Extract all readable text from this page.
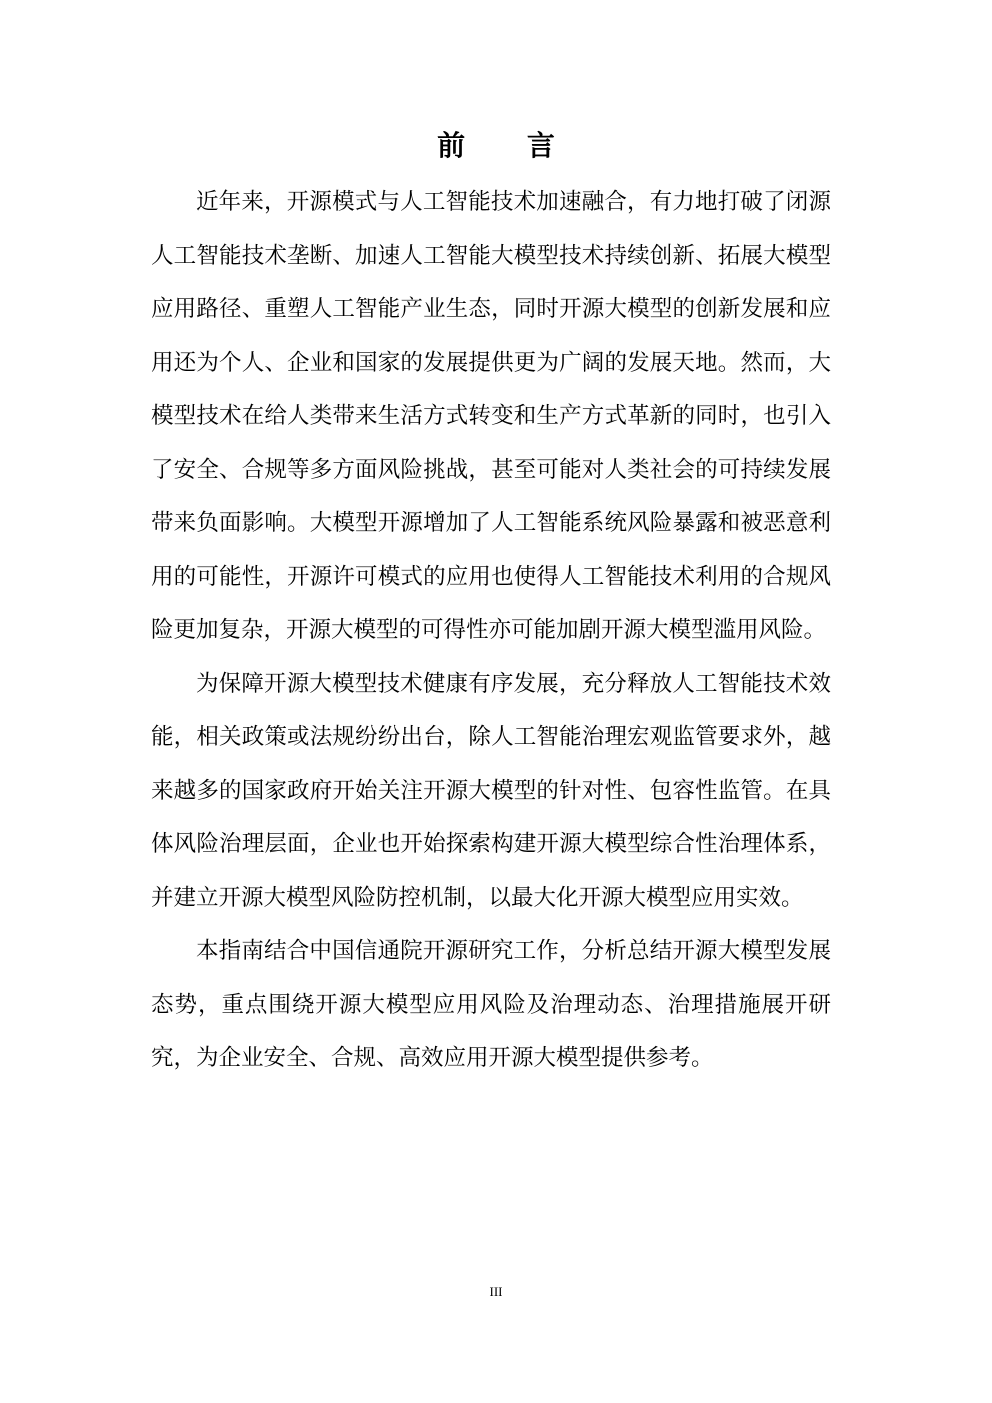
前 言

近年来，开源模式与人工智能技术加速融合，有力地打破了闭源人工智能技术垄断、加速人工智能大模型技术持续创新、拓展大模型应用路径、重塑人工智能产业生态，同时开源大模型的创新发展和应用还为个人、企业和国家的发展提供更为广阔的发展天地。然而，大模型技术在给人类带来生活方式转变和生产方式革新的同时，也引入了安全、合规等多方面风险挑战，甚至可能对人类社会的可持续发展带来负面影响。大模型开源增加了人工智能系统风险暴露和被恶意利用的可能性，开源许可模式的应用也使得人工智能技术利用的合规风险更加复杂，开源大模型的可得性亦可能加剧开源大模型滥用风险。

为保障开源大模型技术健康有序发展，充分释放人工智能技术效能，相关政策或法规纷纷出台，除人工智能治理宏观监管要求外，越来越多的国家政府开始关注开源大模型的针对性、包容性监管。在具体风险治理层面，企业也开始探索构建开源大模型综合性治理体系，并建立开源大模型风险防控机制，以最大化开源大模型应用实效。

本指南结合中国信通院开源研究工作，分析总结开源大模型发展态势，重点围绕开源大模型应用风险及治理动态、治理措施展开研究，为企业安全、合规、高效应用开源大模型提供参考。

III
